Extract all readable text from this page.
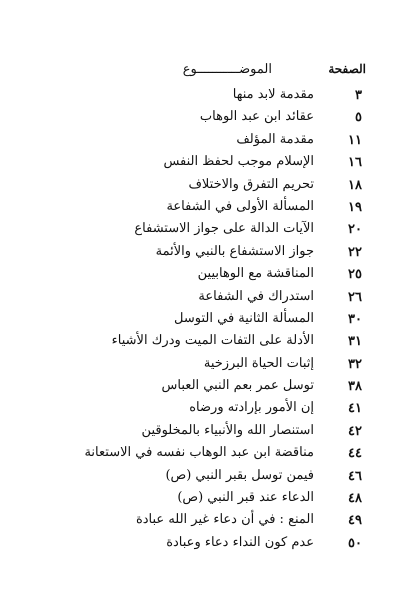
الصفحة
الموضـــــــــــوع
٣
مقدمة لابد منها
٥
عقائد ابن عبد الوهاب
١١
مقدمة المؤلف
١٦
الإسلام موجب لحفظ النفس
١٨
تحريم التفرق والاختلاف
١٩
المسألة الأولى في الشفاعة
٢٠
الآيات الدالة على جواز الاستشفاع
٢٢
جواز الاستشفاع بالنبي والأئمة
٢٥
المناقشة مع الوهابيين
٢٦
استدراك في الشفاعة
٣٠
المسألة الثانية في التوسل
٣١
الأدلة على التفات الميت ودرك الأشياء
٣٢
إثبات الحياة البرزخية
٣٨
توسل عمر بعم النبي العباس
٤١
إن الأمور بإرادته ورضاه
٤٢
استنصار الله والأنبياء بالمخلوقين
٤٤
مناقضة ابن عبد الوهاب نفسه في الاستعانة
٤٦
فيمن توسل بقبر النبي (ص)
٤٨
الدعاء عند قبر النبي (ص)
٤٩
المنع : في أن دعاء غير الله عبادة
٥٠
عدم كون النداء دعاء وعبادة
